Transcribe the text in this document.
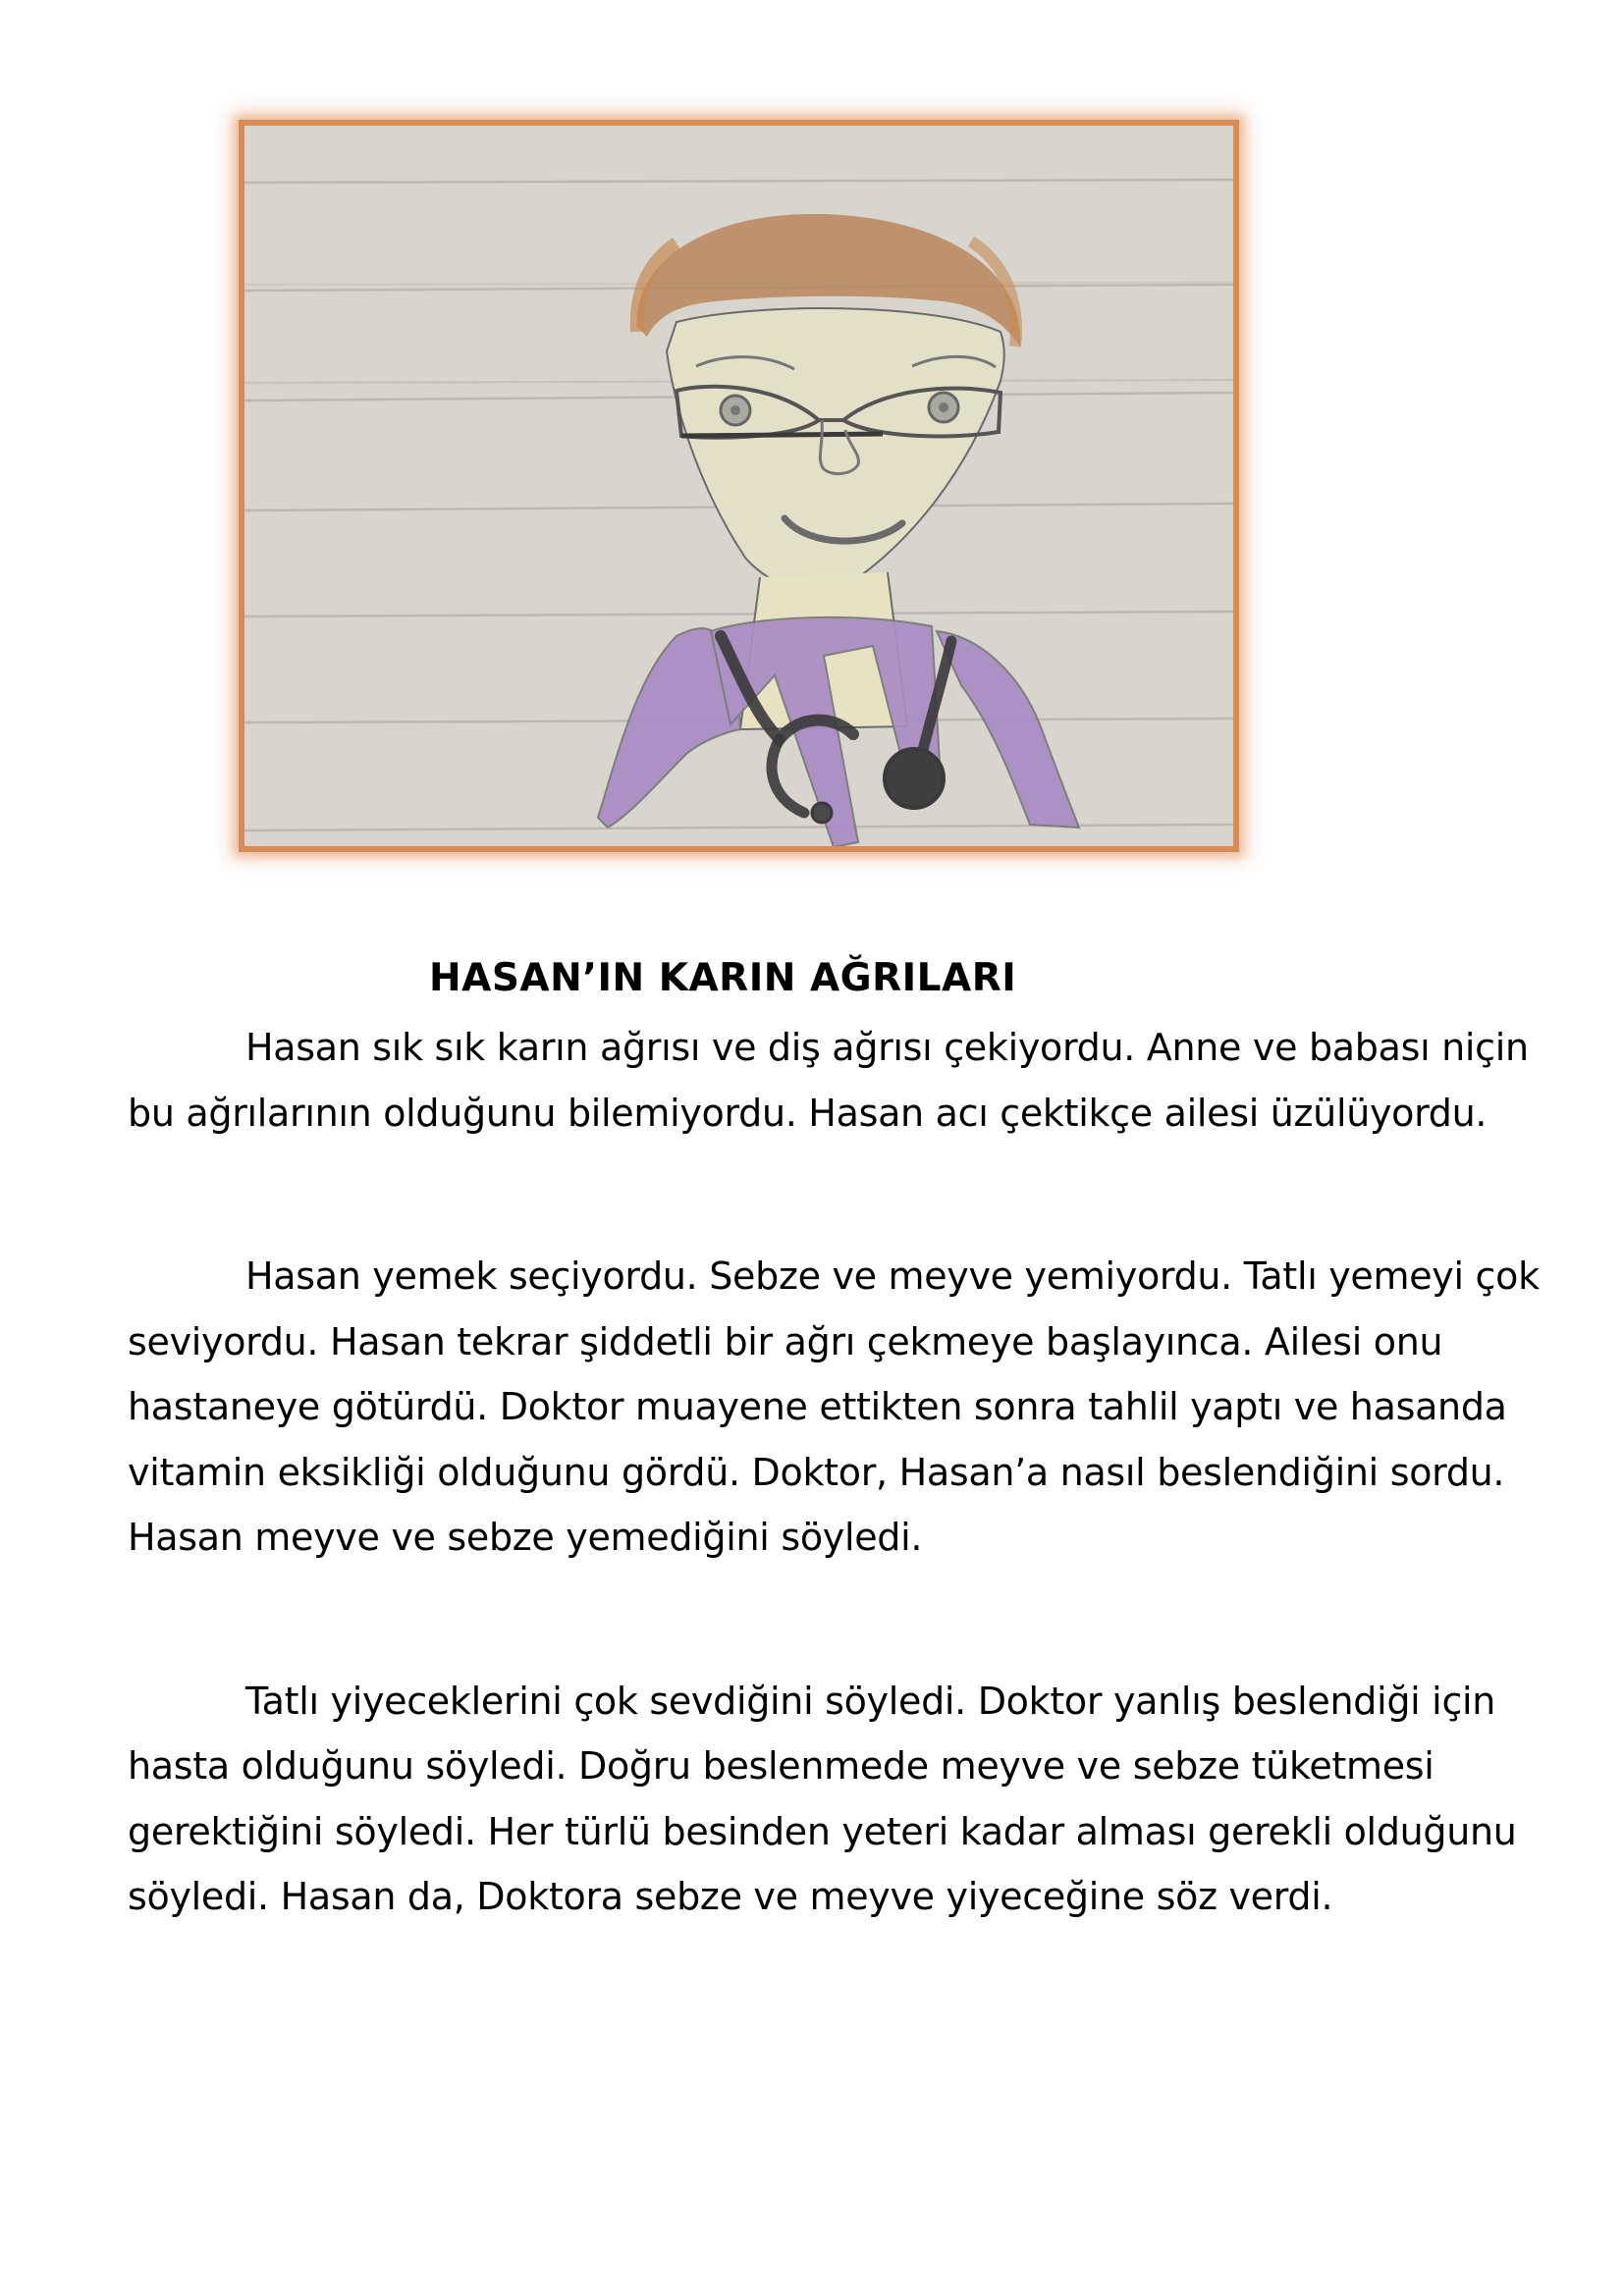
HASAN’IN KARIN AĞRILARI

Hasan sık sık karın ağrısı ve diş ağrısı çekiyordu. Anne ve babası niçin bu ağrılarının olduğunu bilemiyordu. Hasan acı çektikçe ailesi üzülüyordu.

Hasan yemek seçiyordu. Sebze ve meyve yemiyordu. Tatlı yemeyi çok seviyordu. Hasan tekrar şiddetli bir ağrı çekmeye başlayınca. Ailesi onu hastaneye götürdü. Doktor muayene ettikten sonra tahlil yaptı ve hasanda vitamin eksikliği olduğunu gördü. Doktor, Hasan’a nasıl beslendiğini sordu. Hasan meyve ve sebze yemediğini söyledi.

Tatlı yiyeceklerini çok sevdiğini söyledi. Doktor yanlış beslendiği için hasta olduğunu söyledi. Doğru beslenmede meyve ve sebze tüketmesi gerektiğini söyledi. Her türlü besinden yeteri kadar alması gerekli olduğunu söyledi. Hasan da, Doktora sebze ve meyve yiyeceğine söz verdi.
